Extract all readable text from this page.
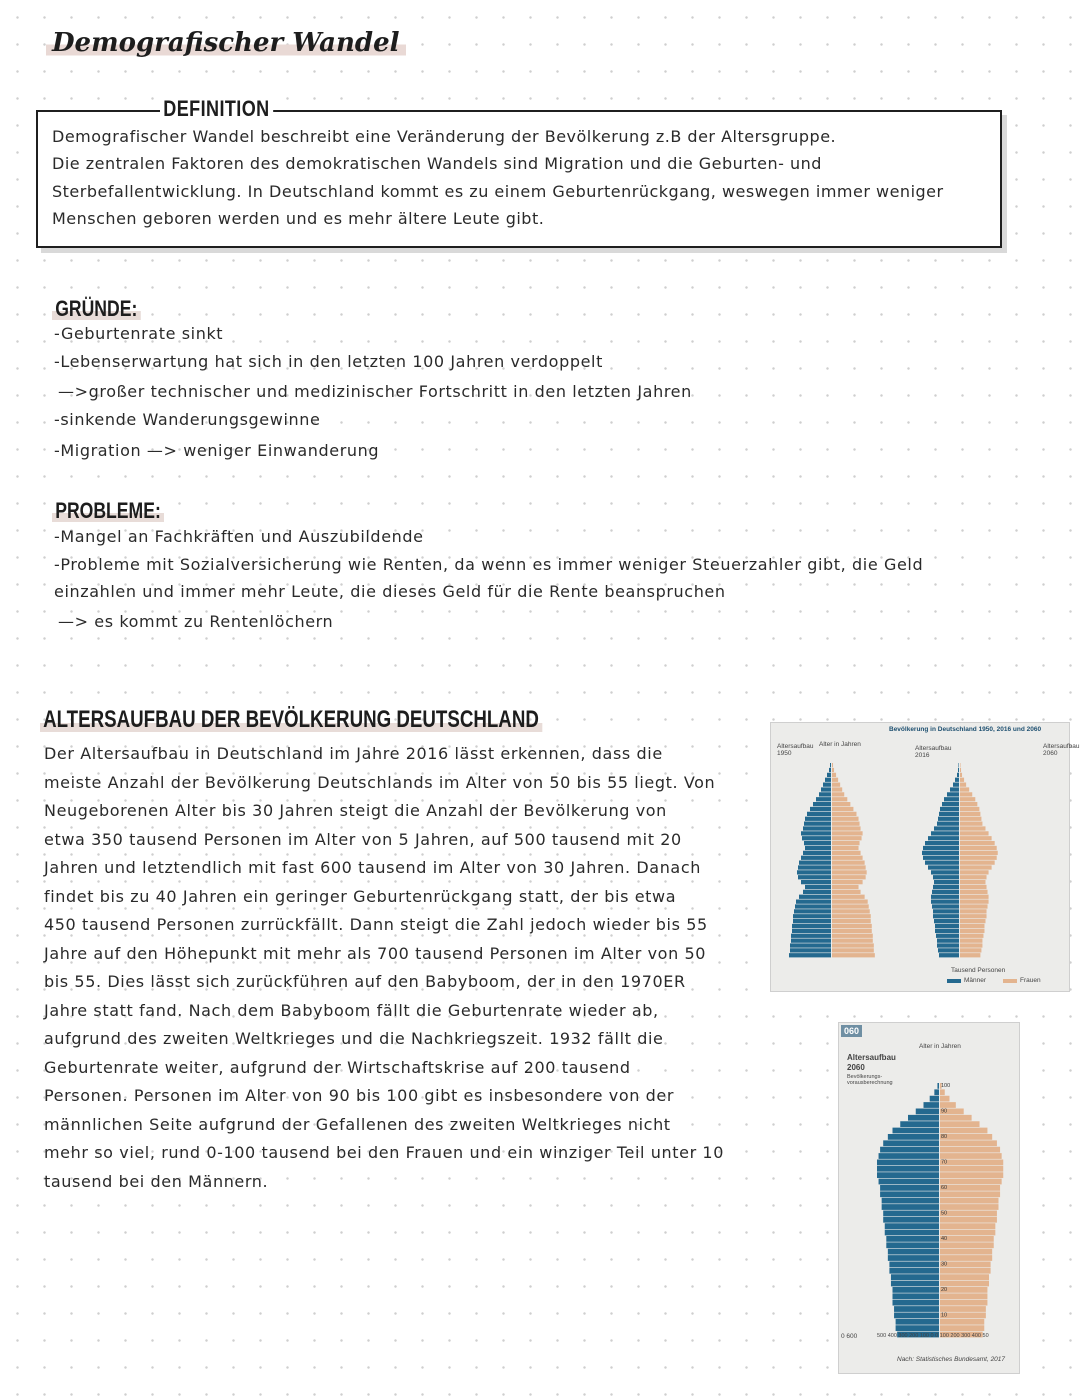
Demografischer Wandel
DEFINITION
Demografischer Wandel beschreibt eine Veränderung der Bevölkerung z.B der Altersgruppe.
Die zentralen Faktoren des demokratischen Wandels sind Migration und die Geburten- und
Sterbefallentwicklung. In Deutschland kommt es zu einem Geburtenrückgang, weswegen immer weniger
Menschen geboren werden und es mehr ältere Leute gibt.
GRÜNDE:
-Geburtenrate sinkt
-Lebenserwartung hat sich in den letzten 100 Jahren verdoppelt
—>großer technischer und medizinischer Fortschritt in den letzten Jahren
-sinkende Wanderungsgewinne
-Migration —> weniger Einwanderung
PROBLEME:
-Mangel an Fachkräften und Auszubildende
-Probleme mit Sozialversicherung wie Renten, da wenn es immer weniger Steuerzahler gibt, die Geld
einzahlen und immer mehr Leute, die dieses Geld für die Rente beanspruchen
—> es kommt zu Rentenlöchern
ALTERSAUFBAU DER BEVÖLKERUNG DEUTSCHLAND
Der Altersaufbau in Deutschland im Jahre 2016 lässt erkennen, dass die
meiste Anzahl der Bevölkerung Deutschlands im Alter von 50 bis 55 liegt. Von
Neugeborenen Alter bis 30 Jahren steigt die Anzahl der Bevölkerung von
etwa 350 tausend Personen im Alter von 5 Jahren, auf 500 tausend mit 20
Jahren und letztendlich mit fast 600 tausend im Alter von 30 Jahren. Danach
findet bis zu 40 Jahren ein geringer Geburtenrückgang statt, der bis etwa
450 tausend Personen zurrückfällt. Dann steigt die Zahl jedoch wieder bis 55
Jahre auf den Höhepunkt mit mehr als 700 tausend Personen im Alter von 50
bis 55. Dies lässt sich zurückführen auf den Babyboom, der in den 1970ER
Jahre statt fand. Nach dem Babyboom fällt die Geburtenrate wieder ab,
aufgrund des zweiten Weltkrieges und die Nachkriegszeit. 1932 fällt die
Geburtenrate weiter, aufgrund der Wirtschaftskrise auf 200 tausend
Personen. Personen im Alter von 90 bis 100 gibt es insbesondere von der
männlichen Seite aufgrund der Gefallenen des zweiten Weltkrieges nicht
mehr so viel, rund 0-100 tausend bei den Frauen und ein winziger Teil unter 10
tausend bei den Männern.
Bevölkerung in Deutschland 1950, 2016 und 2060
Altersaufbau 1950
Altersaufbau 2016
Altersaufbau 2060
Alter in Jahren
Tausend Personen
Männer	Frauen
060
Alter in Jahren
Altersaufbau
2060
Bevölkerungs-vorausberechnung	100
90
80
70
60
50
40
30
20
10
0 600	500 400 300 200 100 0 0 100 200 300 400 50
Nach: Statistisches Bundesamt, 2017
